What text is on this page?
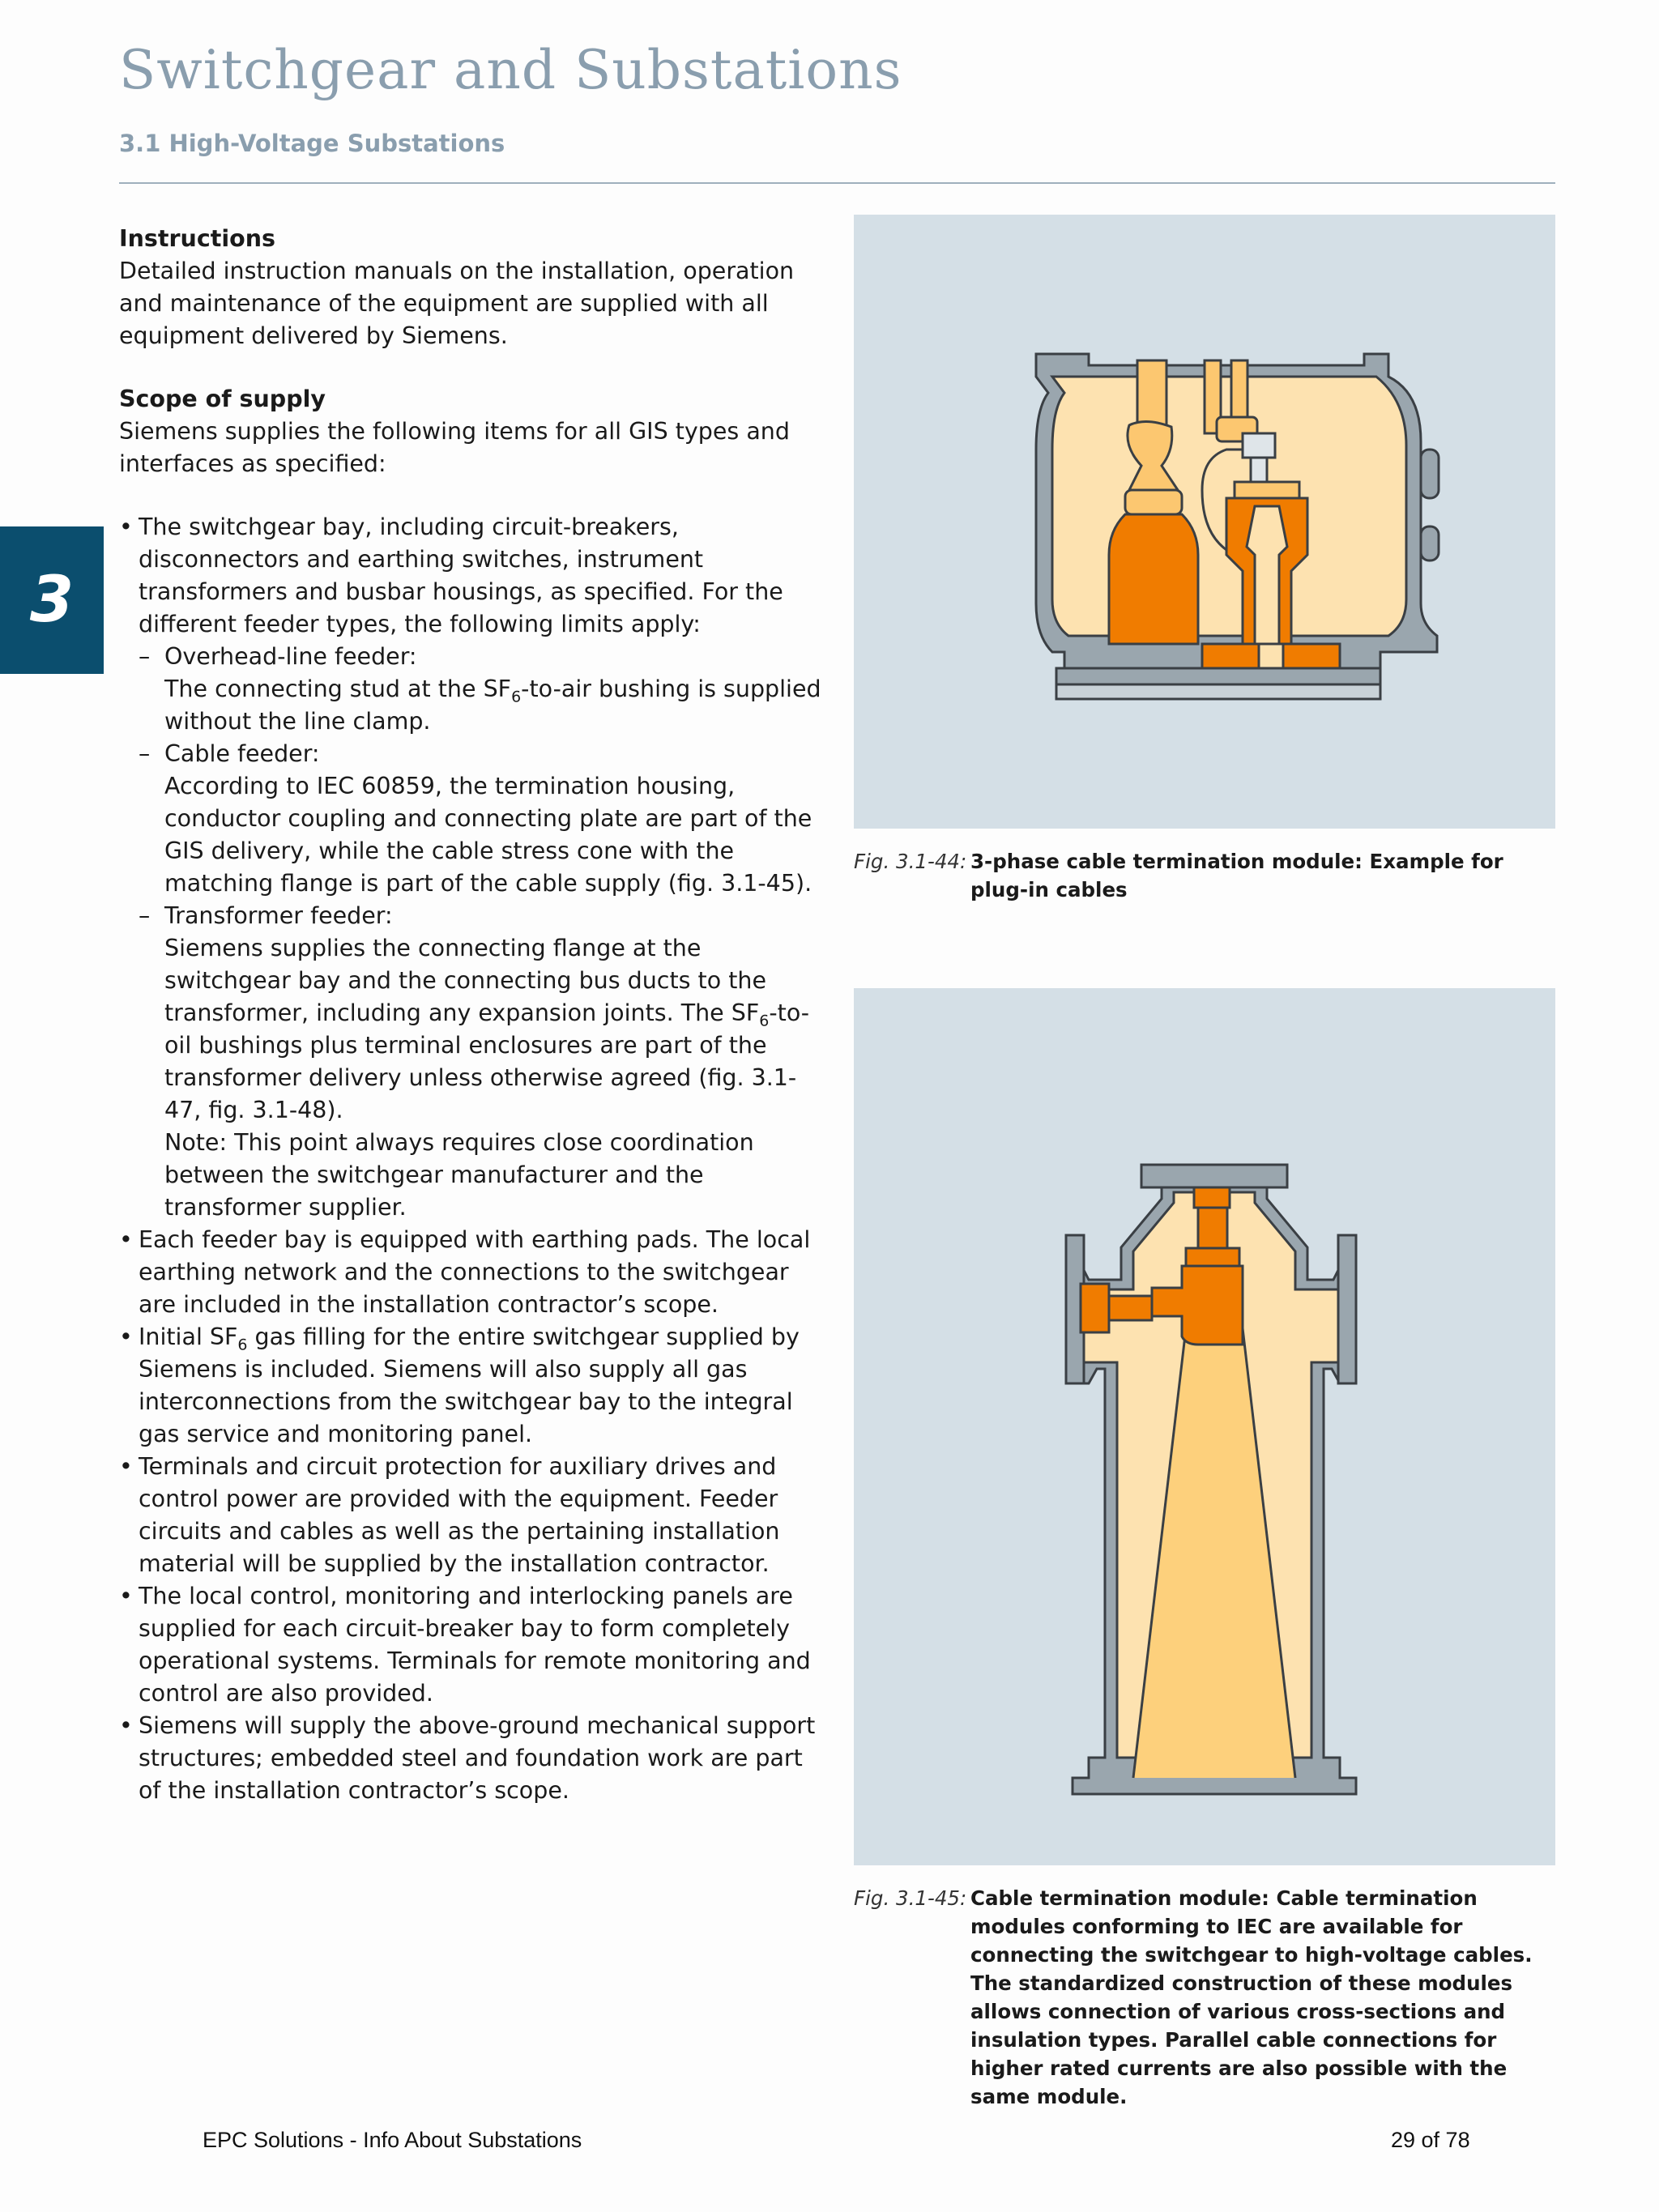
Switchgear and Substations
3.1 High-Voltage Substations
3
Instructions

Detailed instruction manuals on the installation, operation and maintenance of the equipment are supplied with all equipment delivered by Siemens.

Scope of supply

Siemens supplies the following items for all GIS types and interfaces as specified:

• The switchgear bay, including circuit-breakers, disconnectors and earthing switches, instrument transformers and busbar housings, as specified. For the different feeder types, the following limits apply:
– Overhead-line feeder:
The connecting stud at the $SF_6-to$-air bushing is supplied without the line clamp.
– Cable feeder:
According to IEC 60859, the termination housing, conductor coupling and connecting plate are part of the GIS delivery, while the cable stress cone with the matching flange is part of the cable supply (fig. 3.1-45).
– Transformer feeder:
Siemens supplies the connecting flange at the switchgear bay and the connecting bus ducts to the transformer, including any expansion joints. The $SF_6-to$-oil bushings plus terminal enclosures are part of the transformer delivery unless otherwise agreed (fig. 3.1-47, fig. 3.1-48).
Note: This point always requires close coordination between the switchgear manufacturer and the transformer supplier.
• Each feeder bay is equipped with earthing pads. The local earthing network and the connections to the switchgear are included in the installation contractor’s scope.
• Initial $SF_6$ gas filling for the entire switchgear supplied by Siemens is included. Siemens will also supply all gas interconnections from the switchgear bay to the integral gas service and monitoring panel.
• Terminals and circuit protection for auxiliary drives and control power are provided with the equipment. Feeder circuits and cables as well as the pertaining installation material will be supplied by the installation contractor.
• The local control, monitoring and interlocking panels are supplied for each circuit-breaker bay to form completely operational systems. Terminals for remote monitoring and control are also provided.
• Siemens will supply the above-ground mechanical support structures; embedded steel and foundation work are part of the installation contractor’s scope.
Fig. 3.1-44: 3-phase cable termination module: Example for plug-in cables
Fig. 3.1-45: Cable termination module: Cable termination modules conforming to IEC are available for connecting the switchgear to high-voltage cables. The standardized construction of these modules allows connection of various cross-sections and insulation types. Parallel cable connections for higher rated currents are also possible with the same module.
EPC Solutions - Info About Substations	29 of 78
